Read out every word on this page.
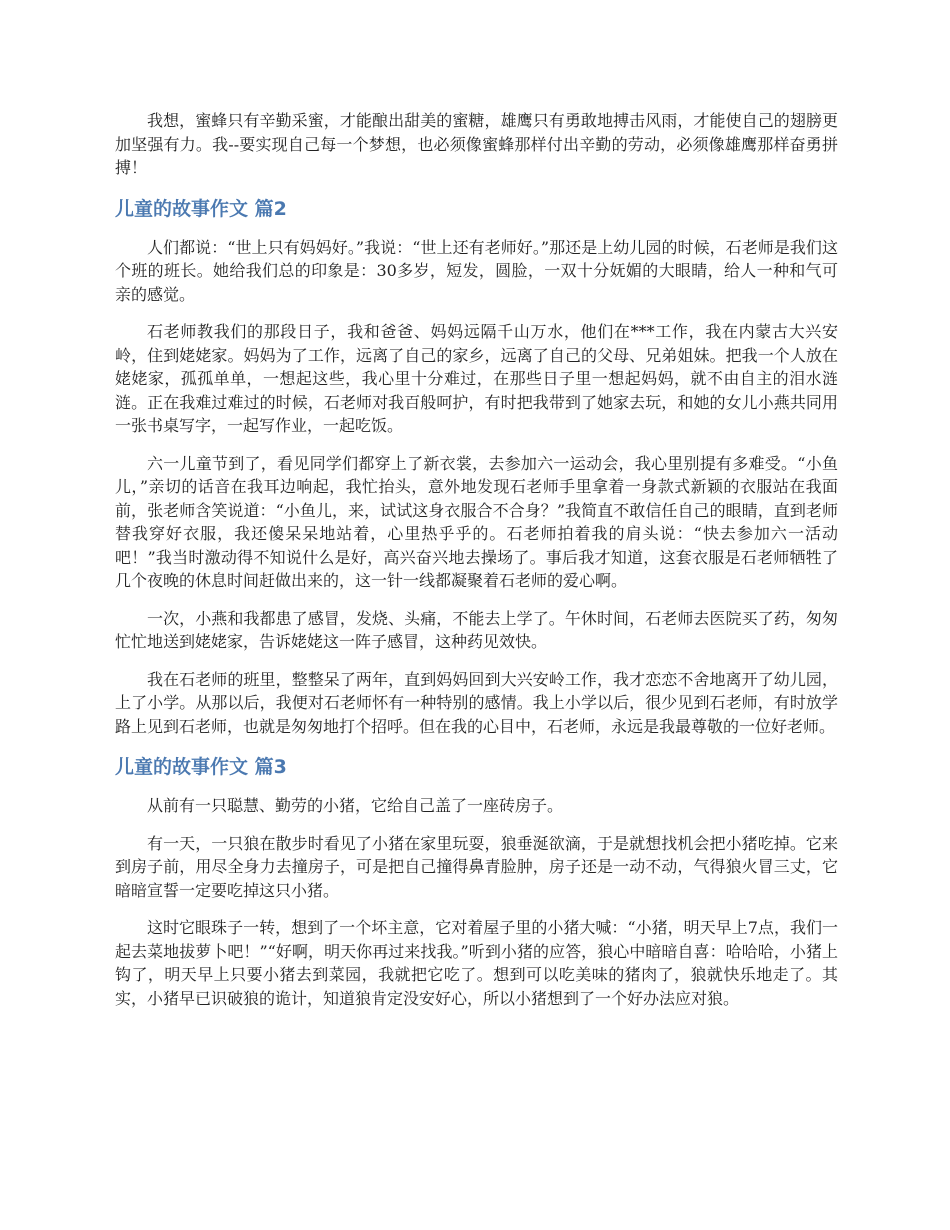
我想，蜜蜂只有辛勤采蜜，才能酿出甜美的蜜糖，雄鹰只有勇敢地搏击风雨，才能使自己的翅膀更加坚强有力。我--要实现自己每一个梦想，也必须像蜜蜂那样付出辛勤的劳动，必须像雄鹰那样奋勇拼搏！

儿童的故事作文 篇2

人们都说：“世上只有妈妈好。”我说：“世上还有老师好。”那还是上幼儿园的时候，石老师是我们这个班的班长。她给我们总的印象是：30多岁，短发，圆脸，一双十分妩媚的大眼睛，给人一种和气可亲的感觉。

石老师教我们的那段日子，我和爸爸、妈妈远隔千山万水，他们在***工作，我在内蒙古大兴安岭，住到姥姥家。妈妈为了工作，远离了自己的家乡，远离了自己的父母、兄弟姐妹。把我一个人放在姥姥家，孤孤单单，一想起这些，我心里十分难过，在那些日子里一想起妈妈，就不由自主的泪水涟涟。正在我难过难过的时候，石老师对我百般呵护，有时把我带到了她家去玩，和她的女儿小燕共同用一张书桌写字，一起写作业，一起吃饭。

六一儿童节到了，看见同学们都穿上了新衣裳，去参加六一运动会，我心里别提有多难受。“小鱼儿，”亲切的话音在我耳边响起，我忙抬头，意外地发现石老师手里拿着一身款式新颖的衣服站在我面前，张老师含笑说道：“小鱼儿，来，试试这身衣服合不合身？”我简直不敢信任自己的眼睛，直到老师替我穿好衣服，我还傻呆呆地站着，心里热乎乎的。石老师拍着我的肩头说：“快去参加六一活动吧！”我当时激动得不知说什么是好，高兴奋兴地去操场了。事后我才知道，这套衣服是石老师牺牲了几个夜晚的休息时间赶做出来的，这一针一线都凝聚着石老师的爱心啊。

一次，小燕和我都患了感冒，发烧、头痛，不能去上学了。午休时间，石老师去医院买了药，匆匆忙忙地送到姥姥家，告诉姥姥这一阵子感冒，这种药见效快。

我在石老师的班里，整整呆了两年，直到妈妈回到大兴安岭工作，我才恋恋不舍地离开了幼儿园，上了小学。从那以后，我便对石老师怀有一种特别的感情。我上小学以后，很少见到石老师，有时放学路上见到石老师，也就是匆匆地打个招呼。但在我的心目中，石老师，永远是我最尊敬的一位好老师。

儿童的故事作文 篇3

从前有一只聪慧、勤劳的小猪，它给自己盖了一座砖房子。

有一天，一只狼在散步时看见了小猪在家里玩耍，狼垂涎欲滴，于是就想找机会把小猪吃掉。它来到房子前，用尽全身力去撞房子，可是把自己撞得鼻青脸肿，房子还是一动不动，气得狼火冒三丈，它暗暗宣誓一定要吃掉这只小猪。

这时它眼珠子一转，想到了一个坏主意，它对着屋子里的小猪大喊：“小猪，明天早上7点，我们一起去菜地拔萝卜吧！”“好啊，明天你再过来找我。”听到小猪的应答，狼心中暗暗自喜：哈哈哈，小猪上钩了，明天早上只要小猪去到菜园，我就把它吃了。想到可以吃美味的猪肉了，狼就快乐地走了。其实，小猪早已识破狼的诡计，知道狼肯定没安好心，所以小猪想到了一个好办法应对狼。
